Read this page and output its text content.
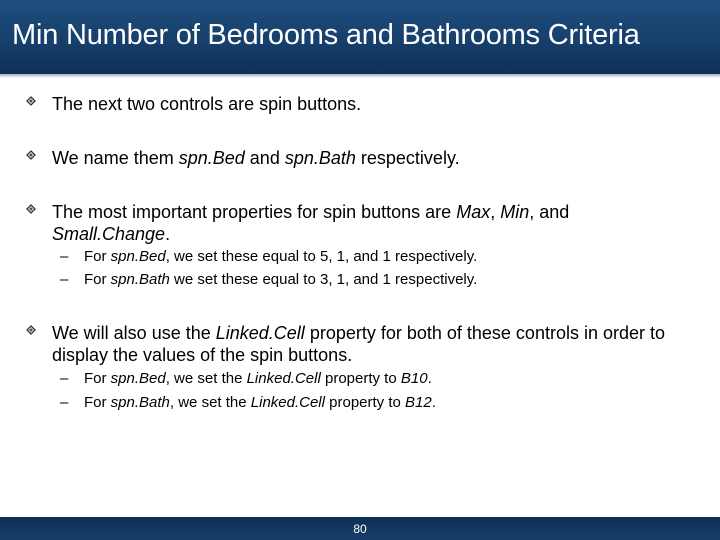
Min Number of Bedrooms and Bathrooms Criteria
The next two controls are spin buttons.
We name them spn.Bed and spn.Bath respectively.
The most important properties for spin buttons are Max, Min, and Small.Change.
– For spn.Bed, we set these equal to 5, 1, and 1 respectively.
– For spn.Bath we set these equal to 3, 1, and 1 respectively.
We will also use the Linked.Cell property for both of these controls in order to display the values of the spin buttons.
– For spn.Bed, we set the Linked.Cell property to B10.
– For spn.Bath, we set the Linked.Cell property to B12.
80
